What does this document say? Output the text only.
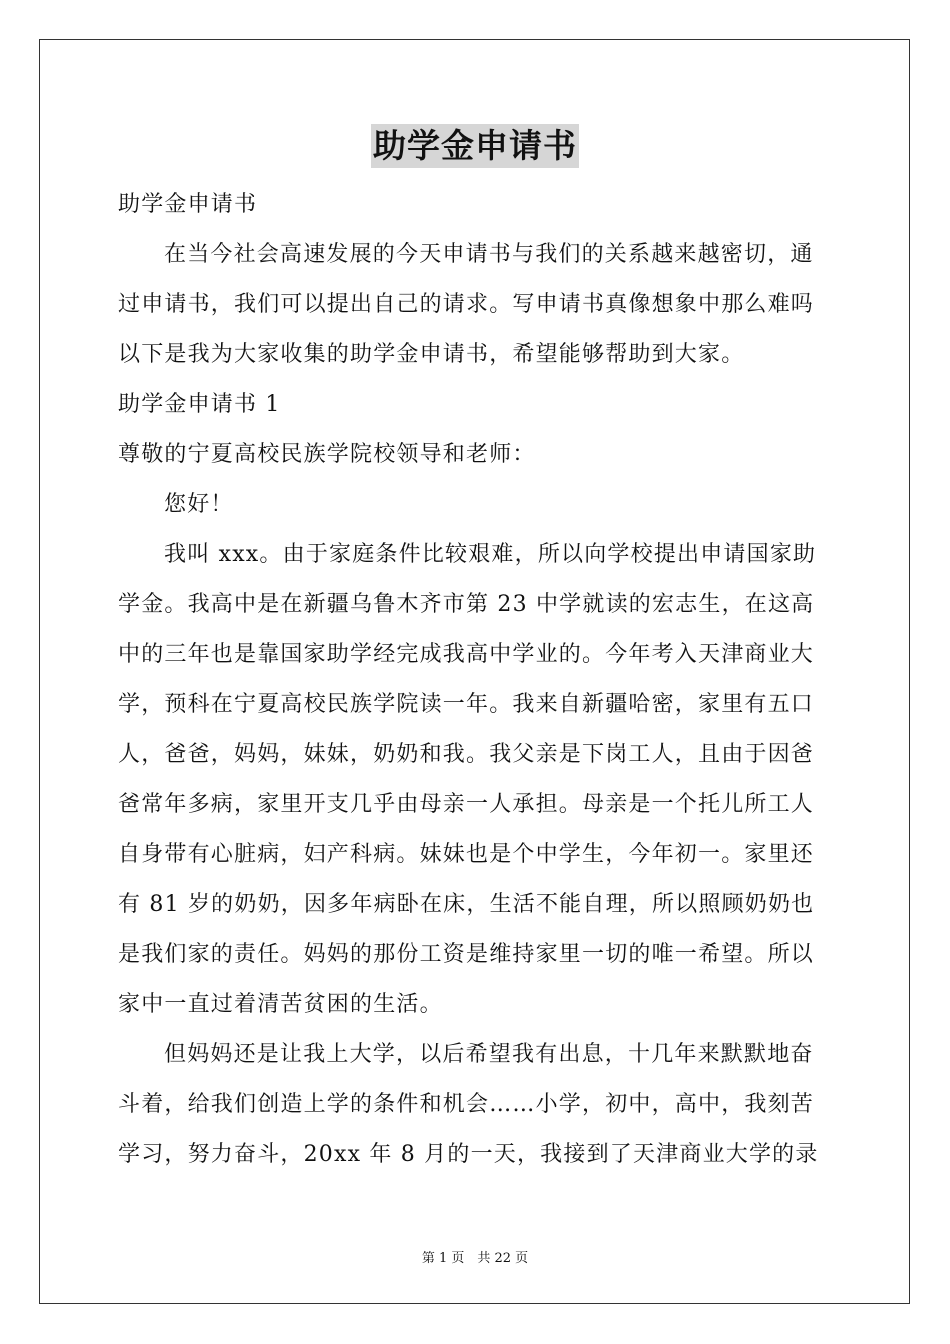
助学金申请书

助学金申请书

在当今社会高速发展的今天申请书与我们的关系越来越密切，通

过申请书，我们可以提出自己的请求。写申请书真像想象中那么难吗

以下是我为大家收集的助学金申请书，希望能够帮助到大家。

助学金申请书 1

尊敬的宁夏高校民族学院校领导和老师：

您好！

我叫 xxx。由于家庭条件比较艰难，所以向学校提出申请国家助

学金。我高中是在新疆乌鲁木齐市第 23 中学就读的宏志生，在这高

中的三年也是靠国家助学经完成我高中学业的。今年考入天津商业大

学，预科在宁夏高校民族学院读一年。我来自新疆哈密，家里有五口

人，爸爸，妈妈，妹妹，奶奶和我。我父亲是下岗工人，且由于因爸

爸常年多病，家里开支几乎由母亲一人承担。母亲是一个托儿所工人

自身带有心脏病，妇产科病。妹妹也是个中学生，今年初一。家里还

有 81 岁的奶奶，因多年病卧在床，生活不能自理，所以照顾奶奶也

是我们家的责任。妈妈的那份工资是维持家里一切的唯一希望。所以

家中一直过着清苦贫困的生活。

但妈妈还是让我上大学，以后希望我有出息，十几年来默默地奋

斗着，给我们创造上学的条件和机会……小学，初中，高中，我刻苦

学习，努力奋斗，20xx 年 8 月的一天，我接到了天津商业大学的录

第 1 页　共 22 页
